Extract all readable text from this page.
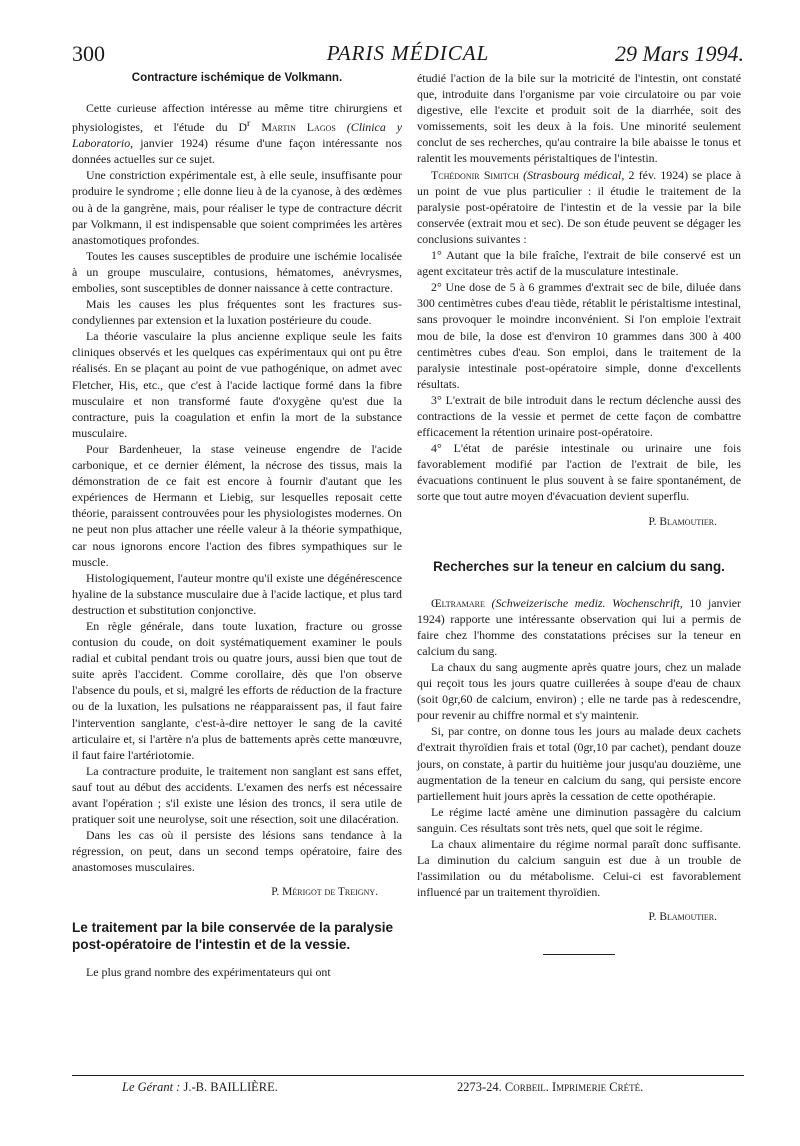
300	PARIS MÉDICAL	29 Mars 1994.
Contracture ischémique de Volkmann.

Cette curieuse affection intéresse au même titre chirurgiens et physiologistes, et l'étude du $D^r$ Martin Lagos (Clinica y Laboratorio, janvier 1924) résume d'une façon intéressante nos données actuelles sur ce sujet.

Une constriction expérimentale est, à elle seule, insuffisante pour produire le syndrome ; elle donne lieu à de la cyanose, à des œdèmes ou à de la gangrène, mais, pour réaliser le type de contracture décrit par Volkmann, il est indispensable que soient comprimées les artères anastomotiques profondes.

Toutes les causes susceptibles de produire une ischémie localisée à un groupe musculaire, contusions, hématomes, anévrysmes, embolies, sont susceptibles de donner naissance à cette contracture.

Mais les causes les plus fréquentes sont les fractures sus-condyliennes par extension et la luxation postérieure du coude.

La théorie vasculaire la plus ancienne explique seule les faits cliniques observés et les quelques cas expérimentaux qui ont pu être réalisés. En se plaçant au point de vue pathogénique, on admet avec Fletcher, His, etc., que c'est à l'acide lactique formé dans la fibre musculaire et non transformé faute d'oxygène qu'est due la contracture, puis la coagulation et enfin la mort de la substance musculaire.

Pour Bardenheuer, la stase veineuse engendre de l'acide carbonique, et ce dernier élément, la nécrose des tissus, mais la démonstration de ce fait est encore à fournir d'autant que les expériences de Hermann et Liebig, sur lesquelles reposait cette théorie, paraissent controuvées pour les physiologistes modernes. On ne peut non plus attacher une réelle valeur à la théorie sympathique, car nous ignorons encore l'action des fibres sympathiques sur le muscle.

Histologiquement, l'auteur montre qu'il existe une dégénérescence hyaline de la substance musculaire due à l'acide lactique, et plus tard destruction et substitution conjonctive.

En règle générale, dans toute luxation, fracture ou grosse contusion du coude, on doit systématiquement examiner le pouls radial et cubital pendant trois ou quatre jours, aussi bien que tout de suite après l'accident. Comme corollaire, dès que l'on observe l'absence du pouls, et si, malgré les efforts de réduction de la fracture ou de la luxation, les pulsations ne réapparaissent pas, il faut faire l'intervention sanglante, c'est-à-dire nettoyer le sang de la cavité articulaire et, si l'artère n'a plus de battements après cette manœuvre, il faut faire l'artériotomie.

La contracture produite, le traitement non sanglant est sans effet, sauf tout au début des accidents. L'examen des nerfs est nécessaire avant l'opération ; s'il existe une lésion des troncs, il sera utile de pratiquer soit une neurolyse, soit une résection, soit une dilacération.

Dans les cas où il persiste des lésions sans tendance à la régression, on peut, dans un second temps opératoire, faire des anastomoses musculaires.

P. Mérigot de Treigny.
Le traitement par la bile conservée de la paralysie post-opératoire de l'intestin et de la vessie.

Le plus grand nombre des expérimentateurs qui ont

étudié l'action de la bile sur la motricité de l'intestin, ont constaté que, introduite dans l'organisme par voie circulatoire ou par voie digestive, elle l'excite et produit soit de la diarrhée, soit des vomissements, soit les deux à la fois. Une minorité seulement conclut de ses recherches, qu'au contraire la bile abaisse le tonus et ralentit les mouvements péristaltiques de l'intestin.

Tchédonir Simitch (Strasbourg médical, 2 fév. 1924) se place à un point de vue plus particulier : il étudie le traitement de la paralysie post-opératoire de l'intestin et de la vessie par la bile conservée (extrait mou et sec). De son étude peuvent se dégager les conclusions suivantes :

1° Autant que la bile fraîche, l'extrait de bile conservé est un agent excitateur très actif de la musculature intestinale.

2° Une dose de 5 à 6 grammes d'extrait sec de bile, diluée dans 300 centimètres cubes d'eau tiède, rétablit le péristaltisme intestinal, sans provoquer le moindre inconvénient. Si l'on emploie l'extrait mou de bile, la dose est d'environ 10 grammes dans 300 à 400 centimètres cubes d'eau. Son emploi, dans le traitement de la paralysie intestinale post-opératoire simple, donne d'excellents résultats.

3° L'extrait de bile introduit dans le rectum déclenche aussi des contractions de la vessie et permet de cette façon de combattre efficacement la rétention urinaire post-opératoire.

4° L'état de parésie intestinale ou urinaire une fois favorablement modifié par l'action de l'extrait de bile, les évacuations continuent le plus souvent à se faire spontanément, de sorte que tout autre moyen d'évacuation devient superflu.

P. Blamoutier.
Recherches sur la teneur en calcium du sang.

Œltramare (Schweizerische mediz. Wochenschrift, 10 janvier 1924) rapporte une intéressante observation qui lui a permis de faire chez l'homme des constatations précises sur la teneur en calcium du sang.

La chaux du sang augmente après quatre jours, chez un malade qui reçoit tous les jours quatre cuillerées à soupe d'eau de chaux (soit 0gr,60 de calcium, environ) ; elle ne tarde pas à redescendre, pour revenir au chiffre normal et s'y maintenir.

Si, par contre, on donne tous les jours au malade deux cachets d'extrait thyroïdien frais et total (0gr,10 par cachet), pendant douze jours, on constate, à partir du huitième jour jusqu'au douzième, une augmentation de la teneur en calcium du sang, qui persiste encore partiellement huit jours après la cessation de cette opothérapie.

Le régime lacté amène une diminution passagère du calcium sanguin. Ces résultats sont très nets, quel que soit le régime.

La chaux alimentaire du régime normal paraît donc suffisante. La diminution du calcium sanguin est due à un trouble de l'assimilation ou du métabolisme. Celui-ci est favorablement influencé par un traitement thyroïdien.

P. Blamoutier.
Le Gérant : J.-B. BAILLIÈRE.	2273-24. Corbeil. Imprimerie Crété.
